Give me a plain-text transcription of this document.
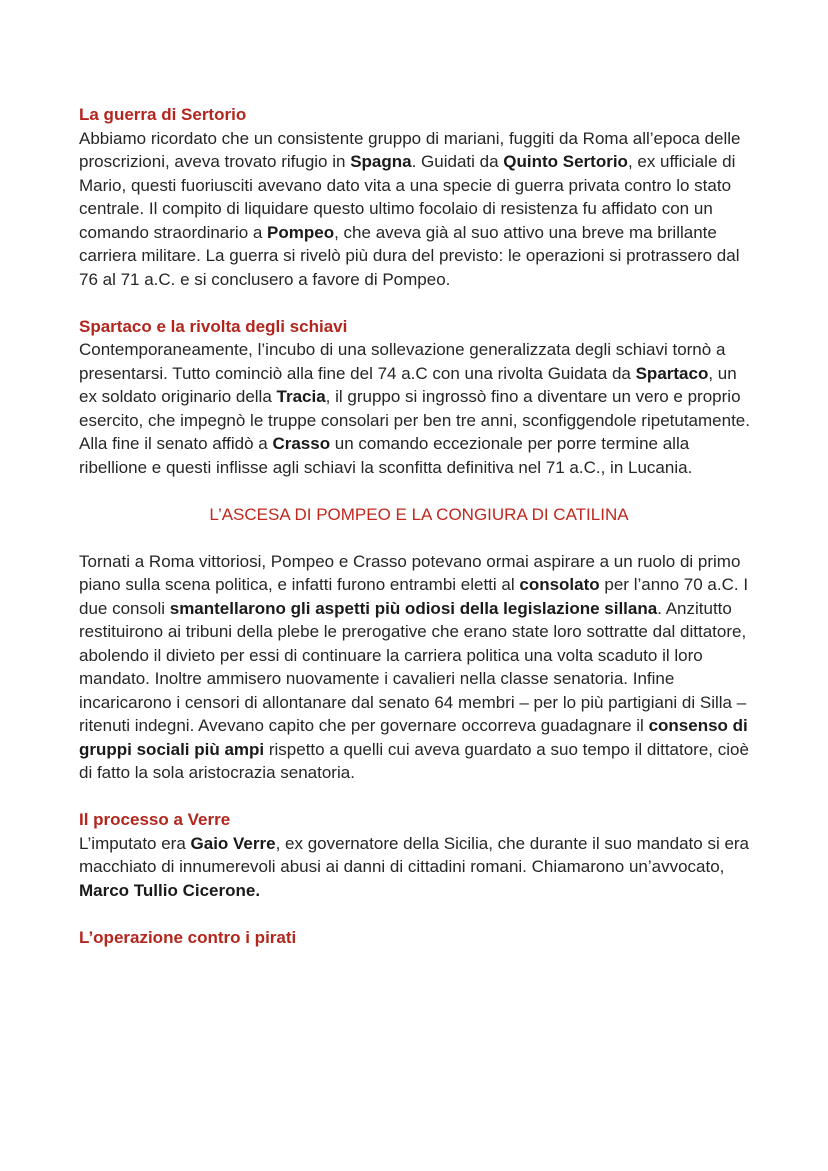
La guerra di Sertorio

Abbiamo ricordato che un consistente gruppo di mariani, fuggiti da Roma all’epoca delle proscrizioni, aveva trovato rifugio in Spagna. Guidati da Quinto Sertorio, ex ufficiale di Mario, questi fuoriusciti avevano dato vita a una specie di guerra privata contro lo stato centrale. Il compito di liquidare questo ultimo focolaio di resistenza fu affidato con un comando straordinario a Pompeo, che aveva già al suo attivo una breve ma brillante carriera militare. La guerra si rivelò più dura del previsto: le operazioni si protrassero dal 76 al 71 a.C. e si conclusero a favore di Pompeo.

Spartaco e la rivolta degli schiavi

Contemporaneamente, l’incubo di una sollevazione generalizzata degli schiavi tornò a presentarsi. Tutto cominciò alla fine del 74 a.C con una rivolta Guidata da Spartaco, un ex soldato originario della Tracia, il gruppo si ingrossò fino a diventare un vero e proprio esercito, che impegnò le truppe consolari per ben tre anni, sconfiggendole ripetutamente. Alla fine il senato affidò a Crasso un comando eccezionale per porre termine alla ribellione e questi inflisse agli schiavi la sconfitta definitiva nel 71 a.C., in Lucania.

L’ASCESA DI POMPEO E LA CONGIURA DI CATILINA

Tornati a Roma vittoriosi, Pompeo e Crasso potevano ormai aspirare a un ruolo di primo piano sulla scena politica, e infatti furono entrambi eletti al consolato per l’anno 70 a.C. I due consoli smantellarono gli aspetti più odiosi della legislazione sillana. Anzitutto restituirono ai tribuni della plebe le prerogative che erano state loro sottratte dal dittatore, abolendo il divieto per essi di continuare la carriera politica una volta scaduto il loro mandato. Inoltre ammisero nuovamente i cavalieri nella classe senatoria. Infine incaricarono i censori di allontanare dal senato 64 membri – per lo più partigiani di Silla – ritenuti indegni. Avevano capito che per governare occorreva guadagnare il consenso di gruppi sociali più ampi rispetto a quelli cui aveva guardato a suo tempo il dittatore, cioè di fatto la sola aristocrazia senatoria.

Il processo a Verre

L’imputato era Gaio Verre, ex governatore della Sicilia, che durante il suo mandato si era macchiato di innumerevoli abusi ai danni di cittadini romani. Chiamarono un’avvocato, Marco Tullio Cicerone.

L’operazione contro i pirati
